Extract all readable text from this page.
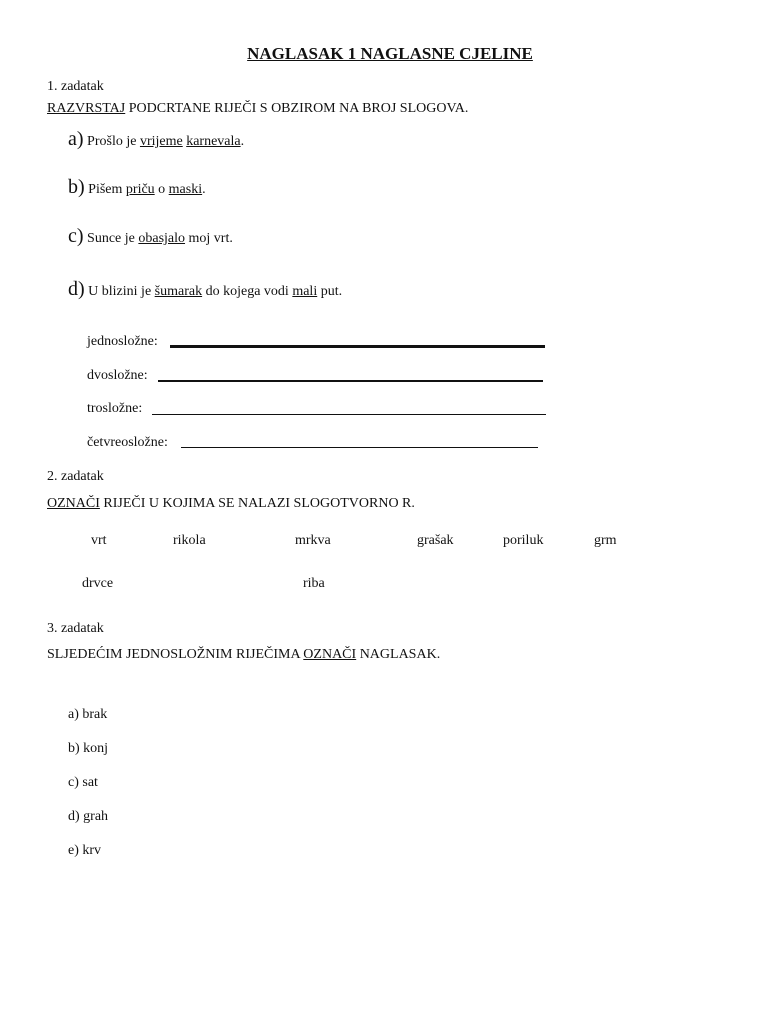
NAGLASAK 1 NAGLASNE CJELINE
1. zadatak
RAZVRSTAJ PODCRTANE RIJEČI S OBZIROM NA BROJ SLOGOVA.
a) Prošlo je vrijeme karnevala.
b) Pišem priču o maski.
c) Sunce je obasjalo moj vrt.
d) U blizini je šumarak do kojega vodi mali put.
jednosložne:
dvosložne:
trosložne:
četvreosložne:
2. zadatak
OZNAČI RIJEČI U KOJIMA SE NALAZI SLOGOTVORNO R.
vrt	rikola	mrkva	grašak	poriluk	grm
drvce	riba
3. zadatak
SLJEDEĆIM JEDNOSLOŽNIM RIJEČIMA OZNAČI NAGLASAK.
a) brak
b) konj
c) sat
d) grah
e) krv
